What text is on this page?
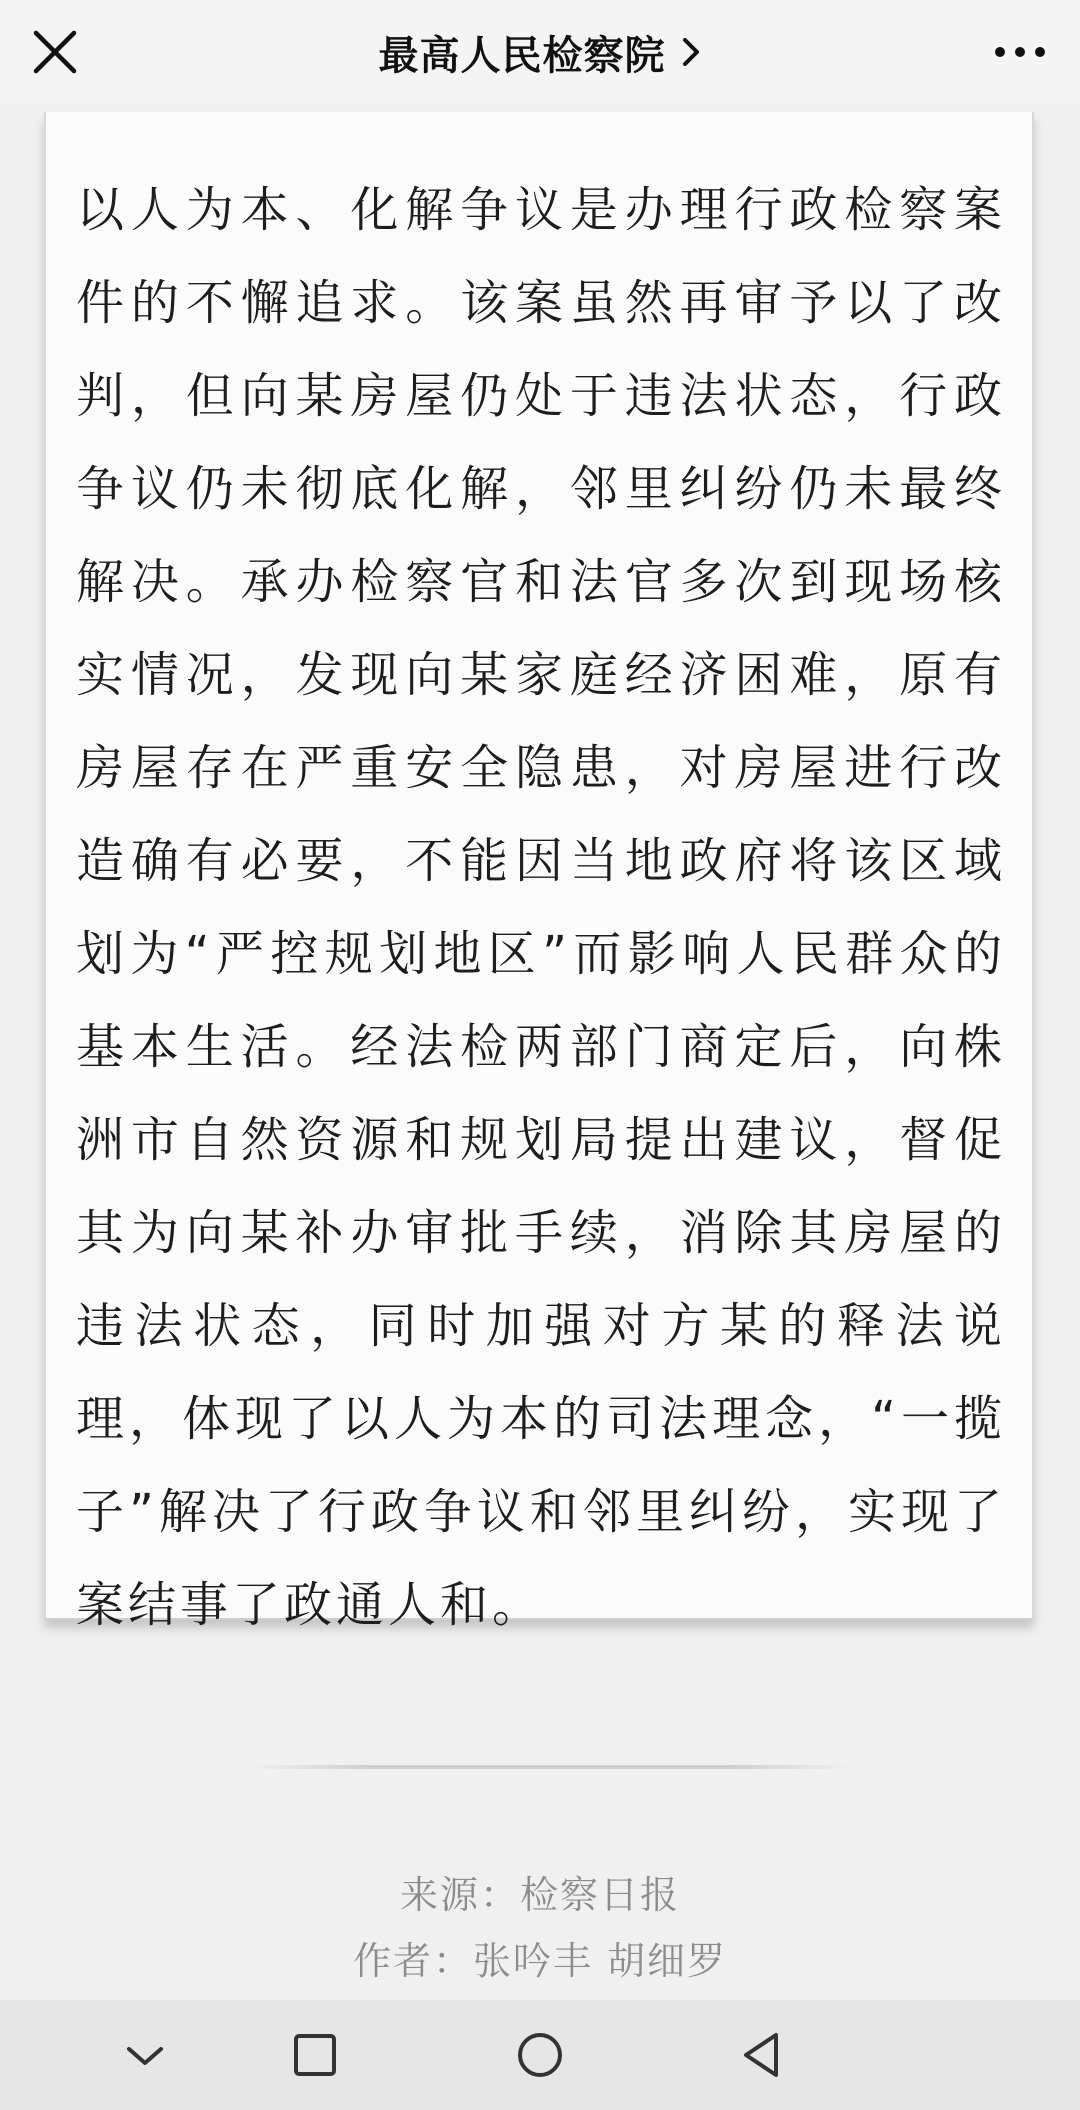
最高人民检察院
以人为本、化解争议是办理行政检察案件的不懈追求。该案虽然再审予以了改判，但向某房屋仍处于违法状态，行政争议仍未彻底化解，邻里纠纷仍未最终解决。承办检察官和法官多次到现场核实情况，发现向某家庭经济困难，原有房屋存在严重安全隐患，对房屋进行改造确有必要，不能因当地政府将该区域划为“严控规划地区”而影响人民群众的基本生活。经法检两部门商定后，向株洲市自然资源和规划局提出建议，督促其为向某补办审批手续，消除其房屋的违法状态，同时加强对方某的释法说理，体现了以人为本的司法理念，“一揽子”解决了行政争议和邻里纠纷，实现了案结事了政通人和。
来源：检察日报
作者：张吟丰 胡细罗
